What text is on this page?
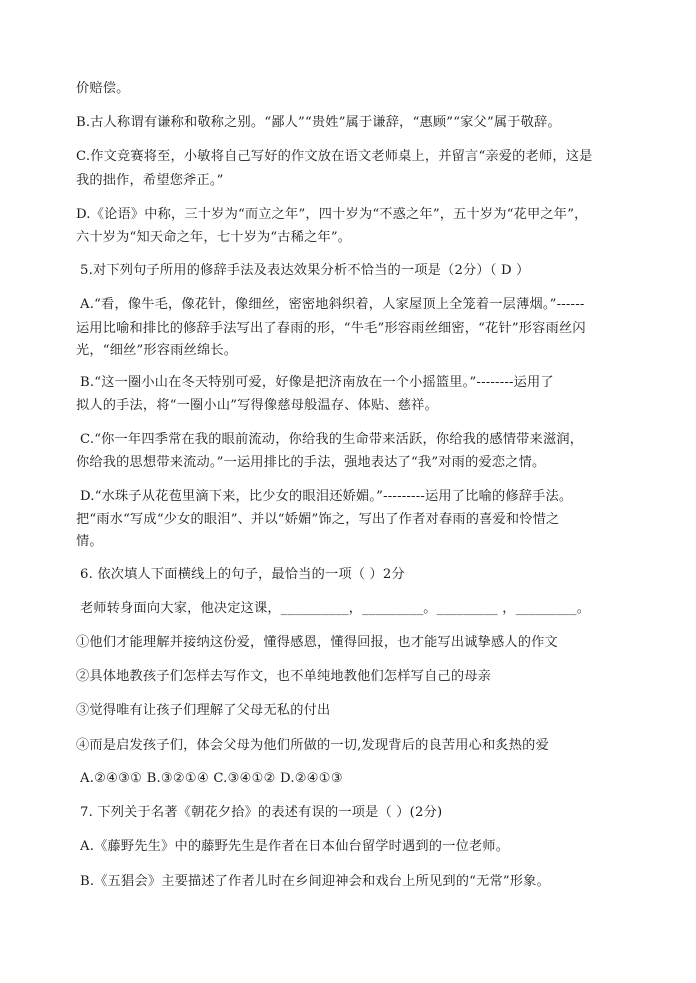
价赔偿。
B.古人称谓有谦称和敬称之别。“鄙人”“贵姓”属于谦辞，“惠顾”“家父”属于敬辞。
C.作文竞赛将至，小敏将自己写好的作文放在语文老师桌上，并留言“亲爱的老师，这是
我的拙作，希望您斧正。”
D.《论语》中称，三十岁为“而立之年”，四十岁为“不惑之年”，五十岁为“花甲之年”，
六十岁为“知天命之年，七十岁为“古稀之年”。
5.对下列句子所用的修辞手法及表达效果分析不恰当的一项是（2分）（ D ）
A.“看，像牛毛，像花针，像细丝，密密地斜织着，人家屋顶上全笼着一层薄烟。”------
运用比喻和排比的修辞手法写出了春雨的形，“牛毛”形容雨丝细密，“花针”形容雨丝闪
光，“细丝”形容雨丝绵长。
B.“这一圈小山在冬天特别可爱，好像是把济南放在一个小摇篮里。”--------运用了
拟人的手法，将“一圈小山”写得像慈母般温存、体贴、慈祥。
C.“你一年四季常在我的眼前流动，你给我的生命带来活跃，你给我的感情带来滋润，
你给我的思想带来流动。”一运用排比的手法，强地表达了“我”对雨的爱恋之情。
D.“水珠子从花苞里滴下来，比少女的眼泪还娇媚。”---------运用了比喻的修辞手法。
把“雨水“写成“少女的眼泪”、并以“娇媚”饰之，写出了作者对春雨的喜爱和怜惜之
情。
6. 依次填人下面横线上的句子，最恰当的一项（ ）2分
老师转身面向大家，他决定这课，__________，_________。_________ ，_________。
①他们才能理解并接纳这份爱，懂得感恩，懂得回报，也才能写出诚挚感人的作文
②具体地教孩子们怎样去写作文，也不单纯地教他们怎样写自己的母亲
③觉得唯有让孩子们理解了父母无私的付出
④而是启发孩子们，体会父母为他们所做的一切,发现背后的良苦用心和炙热的爱
A.②④③① B.③②①④ C.③④①② D.②④①③
7. 下列关于名著《朝花夕拾》的表述有误的一项是（ ）(2分)
A.《藤野先生》中的藤野先生是作者在日本仙台留学时遇到的一位老师。
B.《五猖会》主要描述了作者儿时在乡间迎神会和戏台上所见到的“无常”形象。
